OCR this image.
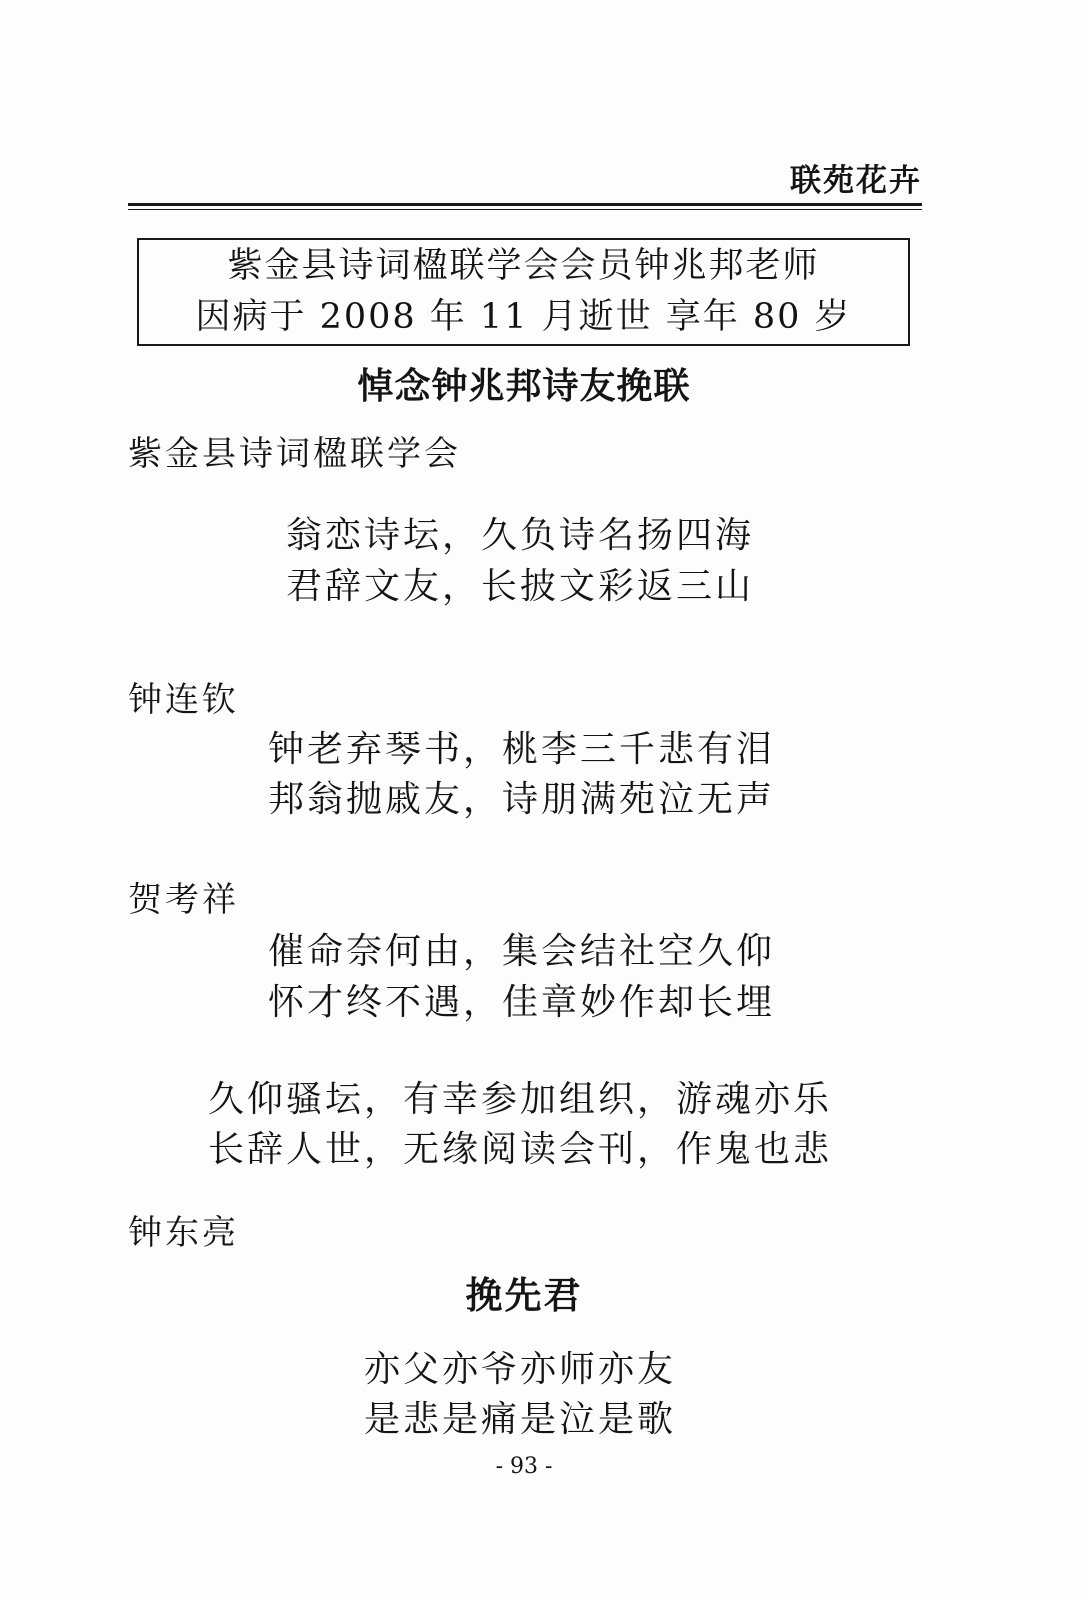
联苑花卉
紫金县诗词楹联学会会员钟兆邦老师
因病于 2008 年 11 月逝世 享年 80 岁
悼念钟兆邦诗友挽联
紫金县诗词楹联学会
翁恋诗坛，久负诗名扬四海
君辞文友，长披文彩返三山
钟连钦
钟老弃琴书，桃李三千悲有泪
邦翁抛戚友，诗朋满苑泣无声
贺考祥
催命奈何由，集会结社空久仰
怀才终不遇，佳章妙作却长埋
久仰骚坛，有幸参加组织，游魂亦乐
长辞人世，无缘阅读会刊，作鬼也悲
钟东亮
挽先君
亦父亦爷亦师亦友
是悲是痛是泣是歌
- 93 -
